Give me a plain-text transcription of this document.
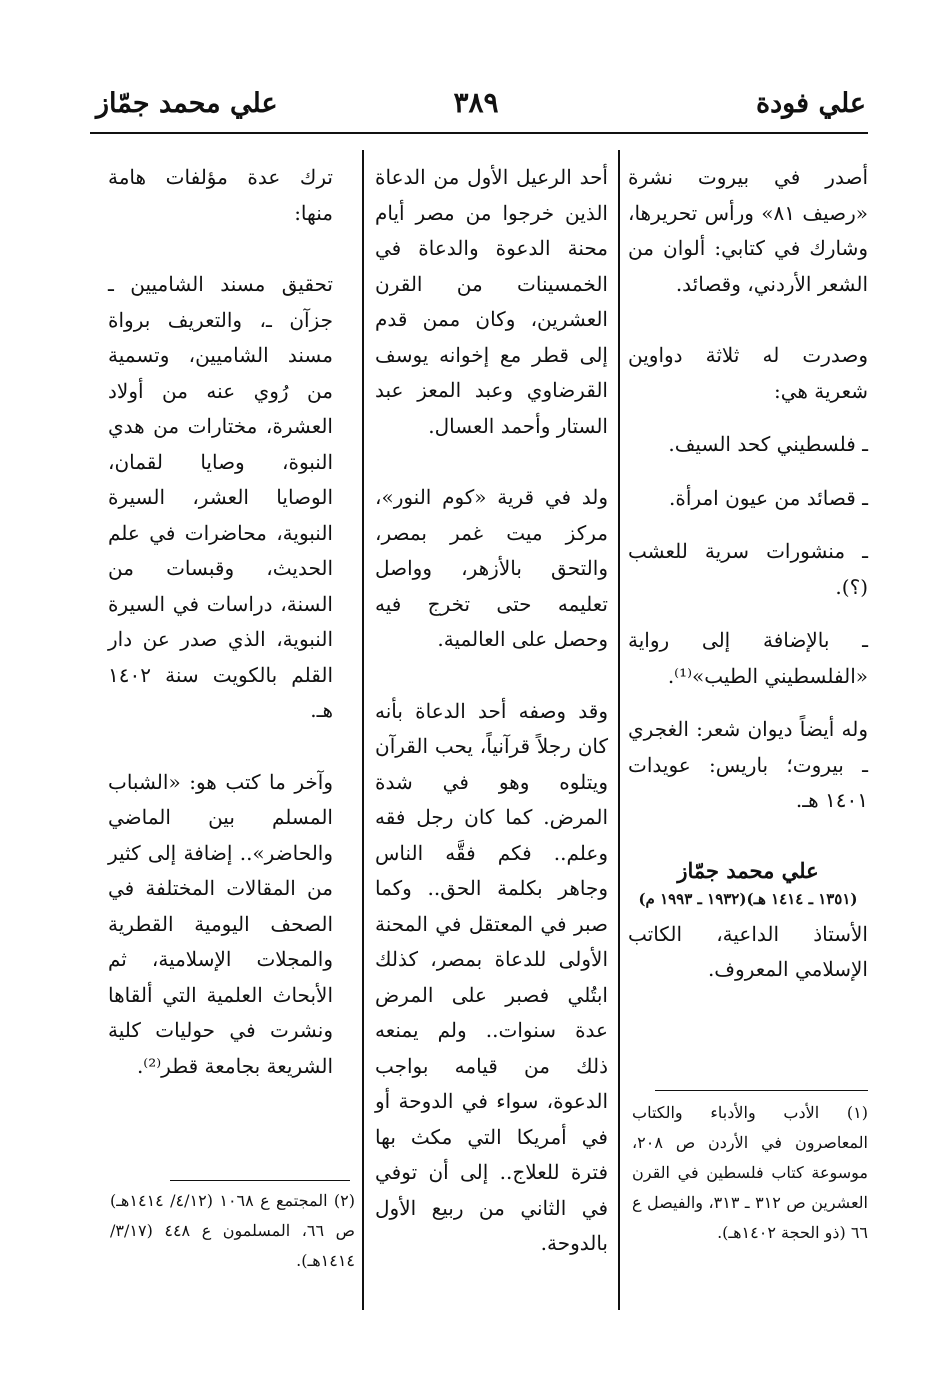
علي محمد جمّاز	٣٨٩	علي فودة

أصدر في بيروت نشرة «رصيف ٨١» ورأس تحريرها، وشارك في كتابي: ألوان من الشعر الأردني، وقصائد.

وصدرت له ثلاثة دواوين شعرية هي:

ـ فلسطيني كحد السيف.

ـ قصائد من عيون امرأة.

ـ منشورات سرية للعشب (؟).

ـ بالإضافة إلى رواية «الفلسطيني الطيب»⁽¹⁾.

وله أيضاً ديوان شعر: الغجري ـ بيروت؛ باريس: عويدات ١٤٠١ هـ.

علي محمد جمّاز
(١٣٥١ ـ ١٤١٤ هـ)(١٩٣٢ ـ ١٩٩٣ م)

الأستاذ الداعية، الكاتب الإسلامي المعروف.

أحد الرعيل الأول من الدعاة الذين خرجوا من مصر أيام محنة الدعوة والدعاة في الخمسينات من القرن العشرين، وكان ممن قدم إلى قطر مع إخوانه يوسف القرضاوي وعبد المعز عبد الستار وأحمد العسال.

ولد في قرية «كوم النور»، مركز ميت غمر بمصر، والتحق بالأزهر، وواصل تعليمه حتى تخرج فيه وحصل على العالمية.

وقد وصفه أحد الدعاة بأنه كان رجلاً قرآنياً، يحب القرآن ويتلوه وهو في شدة المرض. كما كان رجل فقه وعلم.. فكم فقَّه الناس وجاهر بكلمة الحق.. وكما صبر في المعتقل في المحنة الأولى للدعاة بمصر، كذلك ابتُلي فصبر على المرض عدة سنوات.. ولم يمنعه ذلك من قيامه بواجب الدعوة، سواء في الدوحة أو في أمريكا التي مكث بها فترة للعلاج.. إلى أن توفي في الثاني من ربيع الأول بالدوحة.

ترك عدة مؤلفات هامة منها:

تحقيق مسند الشاميين ـ جزآن ـ، والتعريف برواة مسند الشاميين، وتسمية من رُوي عنه من أولاد العشرة، مختارات من هدي النبوة، وصايا لقمان، الوصايا العشر، السيرة النبوية، محاضرات في علم الحديث، وقبسات من السنة، دراسات في السيرة النبوية، الذي صدر عن دار القلم بالكويت سنة ١٤٠٢ هـ.

وآخر ما كتب هو: «الشباب المسلم بين الماضي والحاضر».. إضافة إلى كثير من المقالات المختلفة في الصحف اليومية القطرية والمجلات الإسلامية، ثم الأبحاث العلمية التي ألقاها ونشرت في حوليات كلية الشريعة بجامعة قطر⁽²⁾.

(١) الأدب والأدباء والكتاب المعاصرون في الأردن ص ٢٠٨، موسوعة كتاب فلسطين في القرن العشرين ص ٣١٢ ـ ٣١٣، والفيصل ع ٦٦ (ذو الحجة ١٤٠٢هـ).
(٢) المجتمع ع ١٠٦٨ (٤/١٢/ ١٤١٤هـ) ص ٦٦، المسلمون ع ٤٤٨ (٣/١٧/ ١٤١٤هـ).
